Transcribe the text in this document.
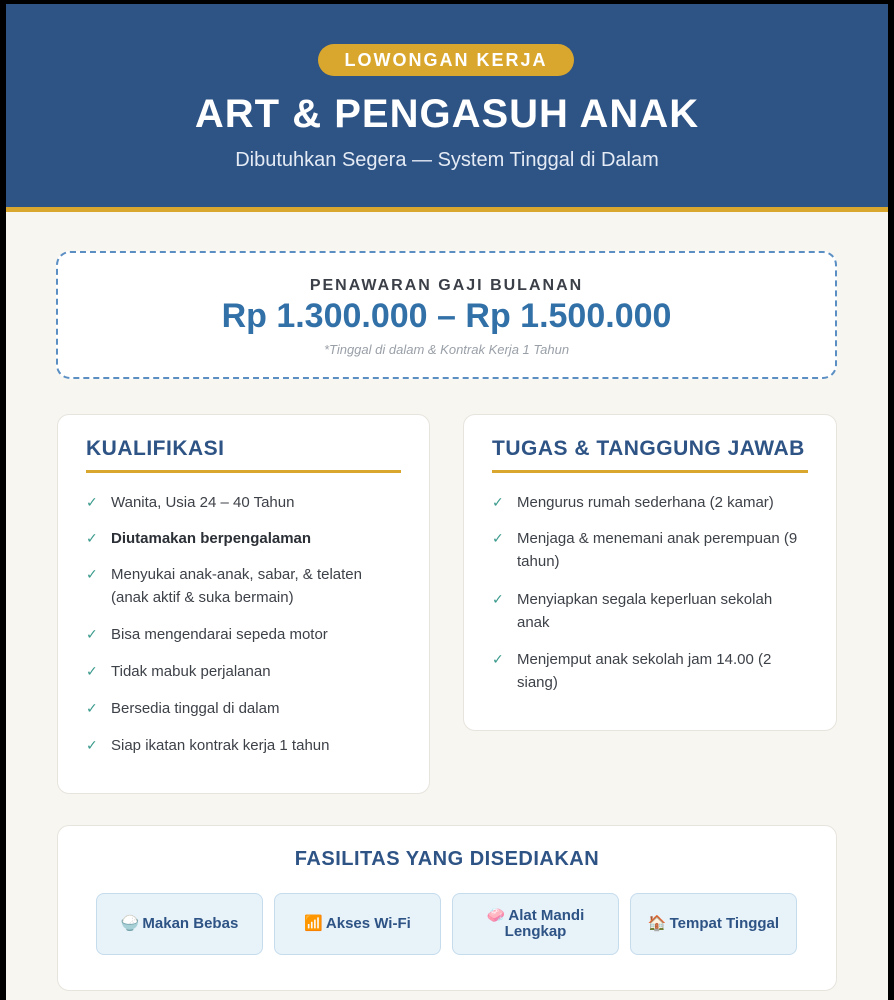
LOWONGAN KERJA
ART & PENGASUH ANAK
Dibutuhkan Segera — System Tinggal di Dalam
PENAWARAN GAJI BULANAN
Rp 1.300.000 – Rp 1.500.000
*Tinggal di dalam & Kontrak Kerja 1 Tahun
KUALIFIKASI
✓ Wanita, Usia 24 – 40 Tahun
✓ Diutamakan berpengalaman
✓ Menyukai anak-anak, sabar, & telaten (anak aktif & suka bermain)
✓ Bisa mengendarai sepeda motor
✓ Tidak mabuk perjalanan
✓ Bersedia tinggal di dalam
✓ Siap ikatan kontrak kerja 1 tahun
TUGAS & TANGGUNG JAWAB
✓ Mengurus rumah sederhana (2 kamar)
✓ Menjaga & menemani anak perempuan (9 tahun)
✓ Menyiapkan segala keperluan sekolah anak
✓ Menjemput anak sekolah jam 14.00 (2 siang)
FASILITAS YANG DISEDIAKAN
🍚 Makan Bebas	📶 Akses Wi-Fi	🧼 Alat Mandi Lengkap	🏠 Tempat Tinggal
